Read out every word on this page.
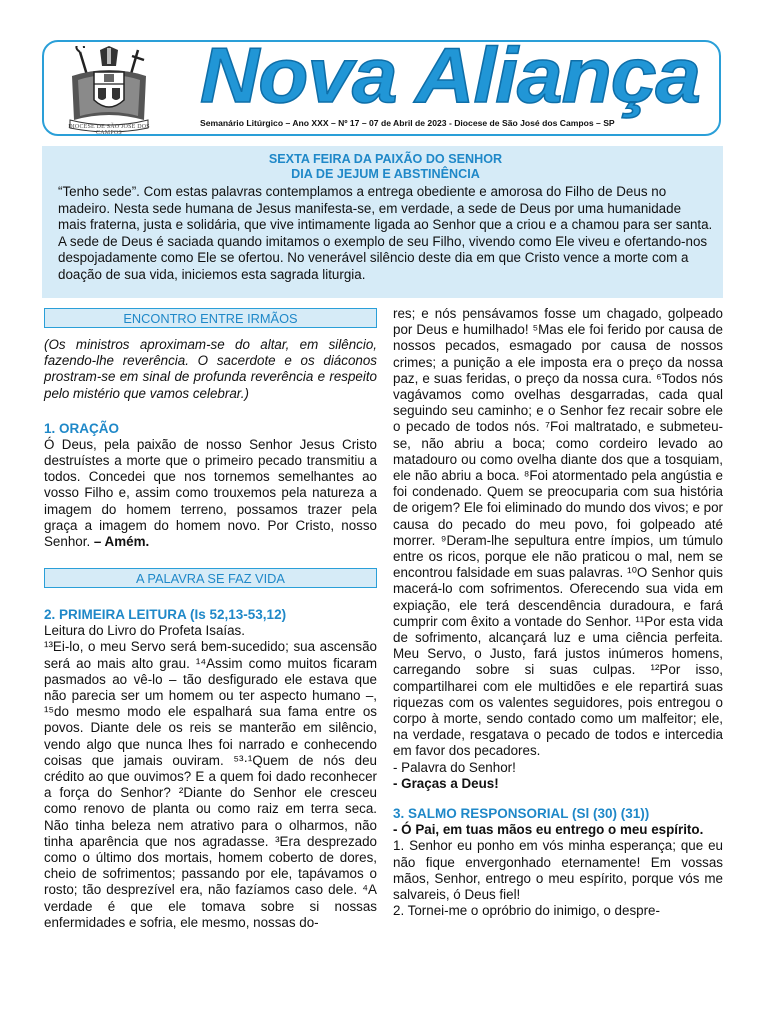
DIOCESE DE SÃO JOSÉ DOS CAMPOS
Nova Aliança
Semanário Litúrgico – Ano XXX – Nº 17 – 07 de Abril de 2023 - Diocese de São José dos Campos – SP
SEXTA FEIRA DA PAIXÃO DO SENHOR
DIA DE JEJUM E ABSTINÊNCIA

“Tenho sede”. Com estas palavras contemplamos a entrega obediente e amorosa do Filho de Deus no madeiro. Nesta sede humana de Jesus manifesta-se, em verdade, a sede de Deus por uma humanidade mais fraterna, justa e solidária, que vive intimamente ligada ao Senhor que a criou e a chamou para ser santa. A sede de Deus é saciada quando imitamos o exemplo de seu Filho, vivendo como Ele viveu e ofertando-nos despojadamente como Ele se ofertou. No venerável silêncio deste dia em que Cristo vence a morte com a doação de sua vida, iniciemos esta sagrada liturgia.

ENCONTRO ENTRE IRMÃOS

(Os ministros aproximam-se do altar, em silêncio, fazendo-lhe reverência. O sacerdote e os diáconos prostram-se em sinal de profunda reverência e respeito pelo mistério que vamos celebrar.)

1. ORAÇÃO

Ó Deus, pela paixão de nosso Senhor Jesus Cristo destruístes a morte que o primeiro pecado transmitiu a todos. Concedei que nos tornemos semelhantes ao vosso Filho e, assim como trouxemos pela natureza a imagem do homem terreno, possamos trazer pela graça a imagem do homem novo. Por Cristo, nosso Senhor. – Amém.

A PALAVRA SE FAZ VIDA
2. PRIMEIRA LEITURA (Is 52,13-53,12)

Leitura do Livro do Profeta Isaías.

¹³Ei-lo, o meu Servo será bem-sucedido; sua ascensão será ao mais alto grau. ¹⁴Assim como muitos ficaram pasmados ao vê-lo – tão desfigurado ele estava que não parecia ser um homem ou ter aspecto humano –, ¹⁵do mesmo modo ele espalhará sua fama entre os povos. Diante dele os reis se manterão em silêncio, vendo algo que nunca lhes foi narrado e conhecendo coisas que jamais ouviram. ⁵³·¹Quem de nós deu crédito ao que ouvimos? E a quem foi dado reconhecer a força do Senhor? ²Diante do Senhor ele cresceu como renovo de planta ou como raiz em terra seca. Não tinha beleza nem atrativo para o olharmos, não tinha aparência que nos agradasse. ³Era desprezado como o último dos mortais, homem coberto de dores, cheio de sofrimentos; passando por ele, tapávamos o rosto; tão desprezível era, não fazíamos caso dele. ⁴A verdade é que ele tomava sobre si nossas enfermidades e sofria, ele mesmo, nossas do-

res; e nós pensávamos fosse um chagado, golpeado por Deus e humilhado! ⁵Mas ele foi ferido por causa de nossos pecados, esmagado por causa de nossos crimes; a punição a ele imposta era o preço da nossa paz, e suas feridas, o preço da nossa cura. ⁶Todos nós vagávamos como ovelhas desgarradas, cada qual seguindo seu caminho; e o Senhor fez recair sobre ele o pecado de todos nós. ⁷Foi maltratado, e submeteu-se, não abriu a boca; como cordeiro levado ao matadouro ou como ovelha diante dos que a tosquiam, ele não abriu a boca. ⁸Foi atormentado pela angústia e foi condenado. Quem se preocuparia com sua história de origem? Ele foi eliminado do mundo dos vivos; e por causa do pecado do meu povo, foi golpeado até morrer. ⁹Deram-lhe sepultura entre ímpios, um túmulo entre os ricos, porque ele não praticou o mal, nem se encontrou falsidade em suas palavras. ¹⁰O Senhor quis macerá-lo com sofrimentos. Oferecendo sua vida em expiação, ele terá descendência duradoura, e fará cumprir com êxito a vontade do Senhor. ¹¹Por esta vida de sofrimento, alcançará luz e uma ciência perfeita. Meu Servo, o Justo, fará justos inúmeros homens, carregando sobre si suas culpas. ¹²Por isso, compartilharei com ele multidões e ele repartirá suas riquezas com os valentes seguidores, pois entregou o corpo à morte, sendo contado como um malfeitor; ele, na verdade, resgatava o pecado de todos e intercedia em favor dos pecadores.

- Palavra do Senhor!

- Graças a Deus!

3. SALMO RESPONSORIAL (Sl (30) (31))

- Ó Pai, em tuas mãos eu entrego o meu espírito.

1. Senhor eu ponho em vós minha esperança; que eu não fique envergonhado eternamente! Em vossas mãos, Senhor, entrego o meu espírito, porque vós me salvareis, ó Deus fiel!

2. Tornei-me o opróbrio do inimigo, o despre-
